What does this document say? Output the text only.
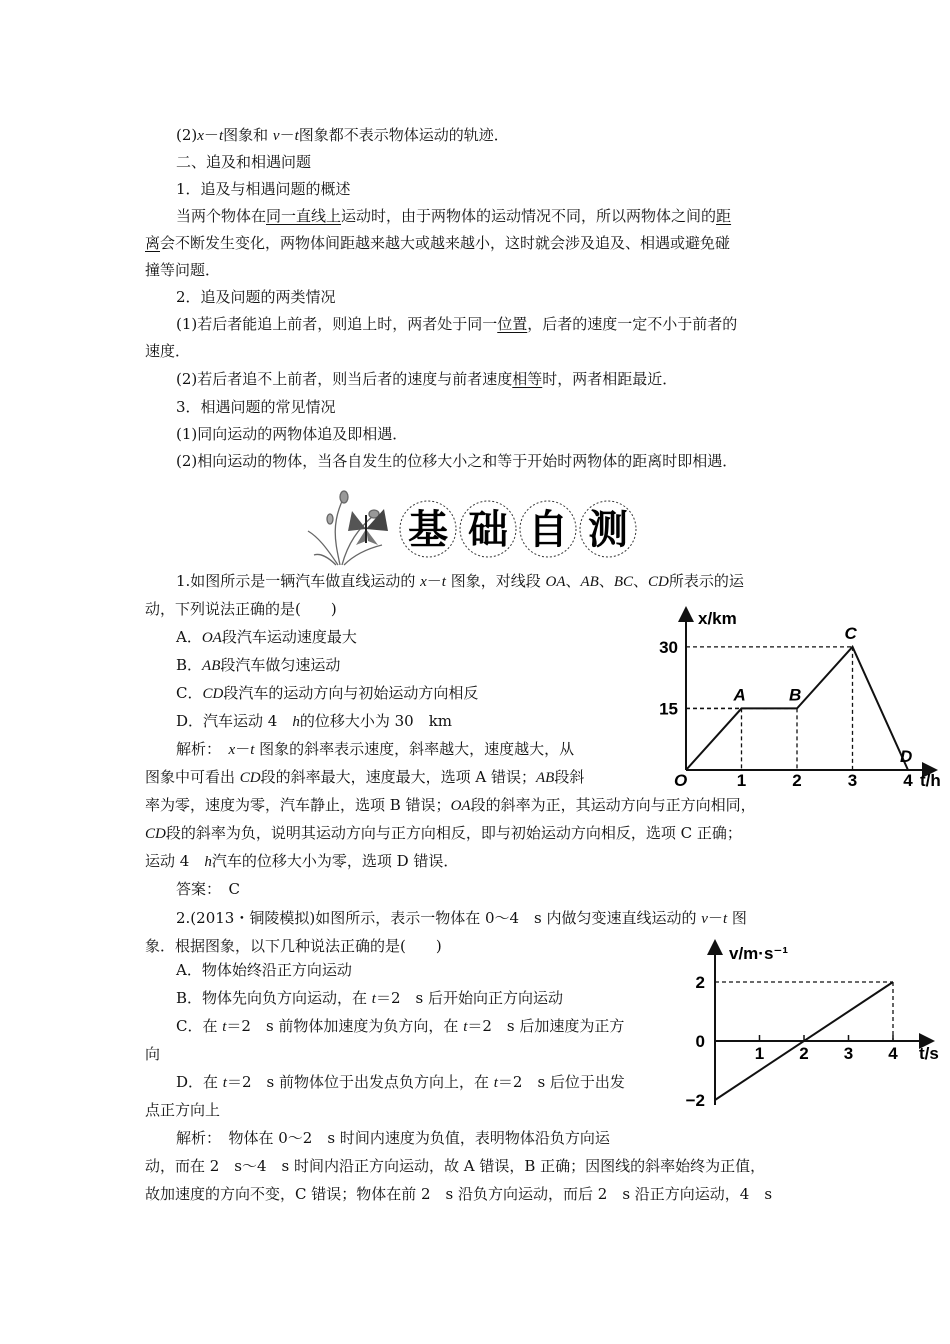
(2)x－t图象和 v－t图象都不表示物体运动的轨迹．
二、追及和相遇问题
1．追及与相遇问题的概述
当两个物体在同一直线上运动时，由于两物体的运动情况不同，所以两物体之间的距
离会不断发生变化，两物体间距越来越大或越来越小，这时就会涉及追及、相遇或避免碰
撞等问题．
2．追及问题的两类情况
(1)若后者能追上前者，则追上时，两者处于同一位置，后者的速度一定不小于前者的
速度．
(2)若后者追不上前者，则当后者的速度与前者速度相等时，两者相距最近．
3．相遇问题的常见情况
(1)同向运动的两物体追及即相遇．
(2)相向运动的物体，当各自发生的位移大小之和等于开始时两物体的距离时即相遇．
基 础 自 测
1.如图所示是一辆汽车做直线运动的 x－t 图象，对线段 OA、AB、BC、CD所表示的运
动，下列说法正确的是(　　)
A．OA段汽车运动速度最大
B．AB段汽车做匀速运动
C．CD段汽车的运动方向与初始运动方向相反
D．汽车运动 4　h的位移大小为 30　km
解析：　x－t 图象的斜率表示速度，斜率越大，速度越大，从
图象中可看出 CD段的斜率最大，速度最大，选项 A 错误；AB段斜
率为零，速度为零，汽车静止，选项 B 错误；OA段的斜率为正，其运动方向与正方向相同，
CD段的斜率为负，说明其运动方向与正方向相反，即与初始运动方向相反，选项 C 正确；
运动 4　h汽车的位移大小为零，选项 D 错误．
答案：　C
A	B
C
D
1	2	3	4
15
30
x/km
t/h
O
2.(2013・铜陵模拟)如图所示，表示一物体在 0～4　s 内做匀变速直线运动的 v－t 图
象．根据图象，以下几种说法正确的是(　　)
A．物体始终沿正方向运动
B．物体先向负方向运动，在 t＝2　s 后开始向正方向运动
C．在 t＝2　s 前物体加速度为负方向，在 t＝2　s 后加速度为正方
向
D．在 t＝2　s 前物体位于出发点负方向上，在 t＝2　s 后位于出发
点正方向上
解析：　物体在 0～2　s 时间内速度为负值，表明物体沿负方向运
动，而在 2　s～4　s 时间内沿正方向运动，故 A 错误，B 正确；因图线的斜率始终为正值，
故加速度的方向不变，C 错误；物体在前 2　s 沿负方向运动，而后 2　s 沿正方向运动，4　s
1 2 3 4
2
0
−2
v/m·s⁻¹
t/s
